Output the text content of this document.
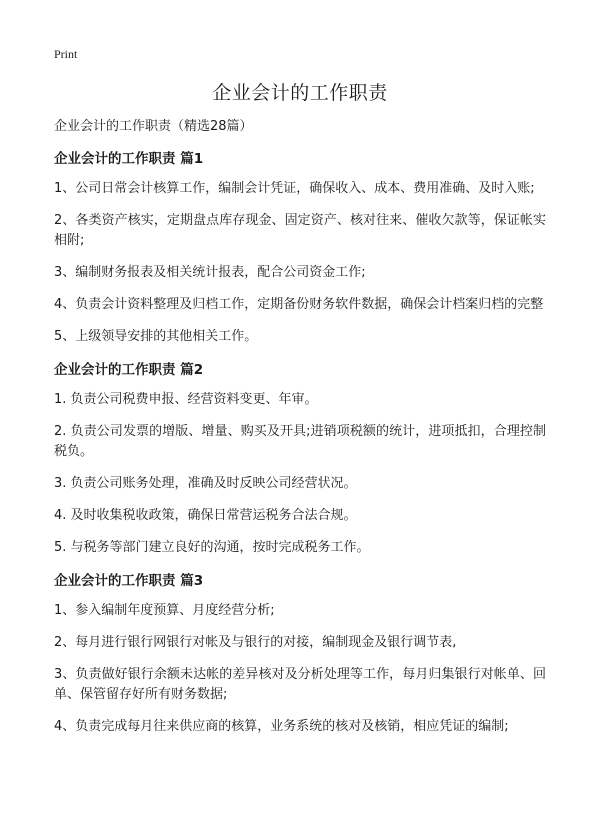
Print
企业会计的工作职责
企业会计的工作职责（精选28篇）
企业会计的工作职责 篇1
1、公司日常会计核算工作，编制会计凭证，确保收入、成本、费用准确、及时入账;
2、各类资产核实，定期盘点库存现金、固定资产、核对往来、催收欠款等，保证帐实相附;
3、编制财务报表及相关统计报表，配合公司资金工作;
4、负责会计资料整理及归档工作，定期备份财务软件数据，确保会计档案归档的完整
5、上级领导安排的其他相关工作。
企业会计的工作职责 篇2
1. 负责公司税费申报、经营资料变更、年审。
2. 负责公司发票的增版、增量、购买及开具;进销项税额的统计，进项抵扣，合理控制税负。
3. 负责公司账务处理，准确及时反映公司经营状况。
4. 及时收集税收政策，确保日常营运税务合法合规。
5. 与税务等部门建立良好的沟通，按时完成税务工作。
企业会计的工作职责 篇3
1、参入编制年度预算、月度经营分析;
2、每月进行银行网银行对帐及与银行的对接，编制现金及银行调节表,
3、负责做好银行余额未达帐的差异核对及分析处理等工作，每月归集银行对帐单、回单、保管留存好所有财务数据;
4、负责完成每月往来供应商的核算，业务系统的核对及核销，相应凭证的编制;
